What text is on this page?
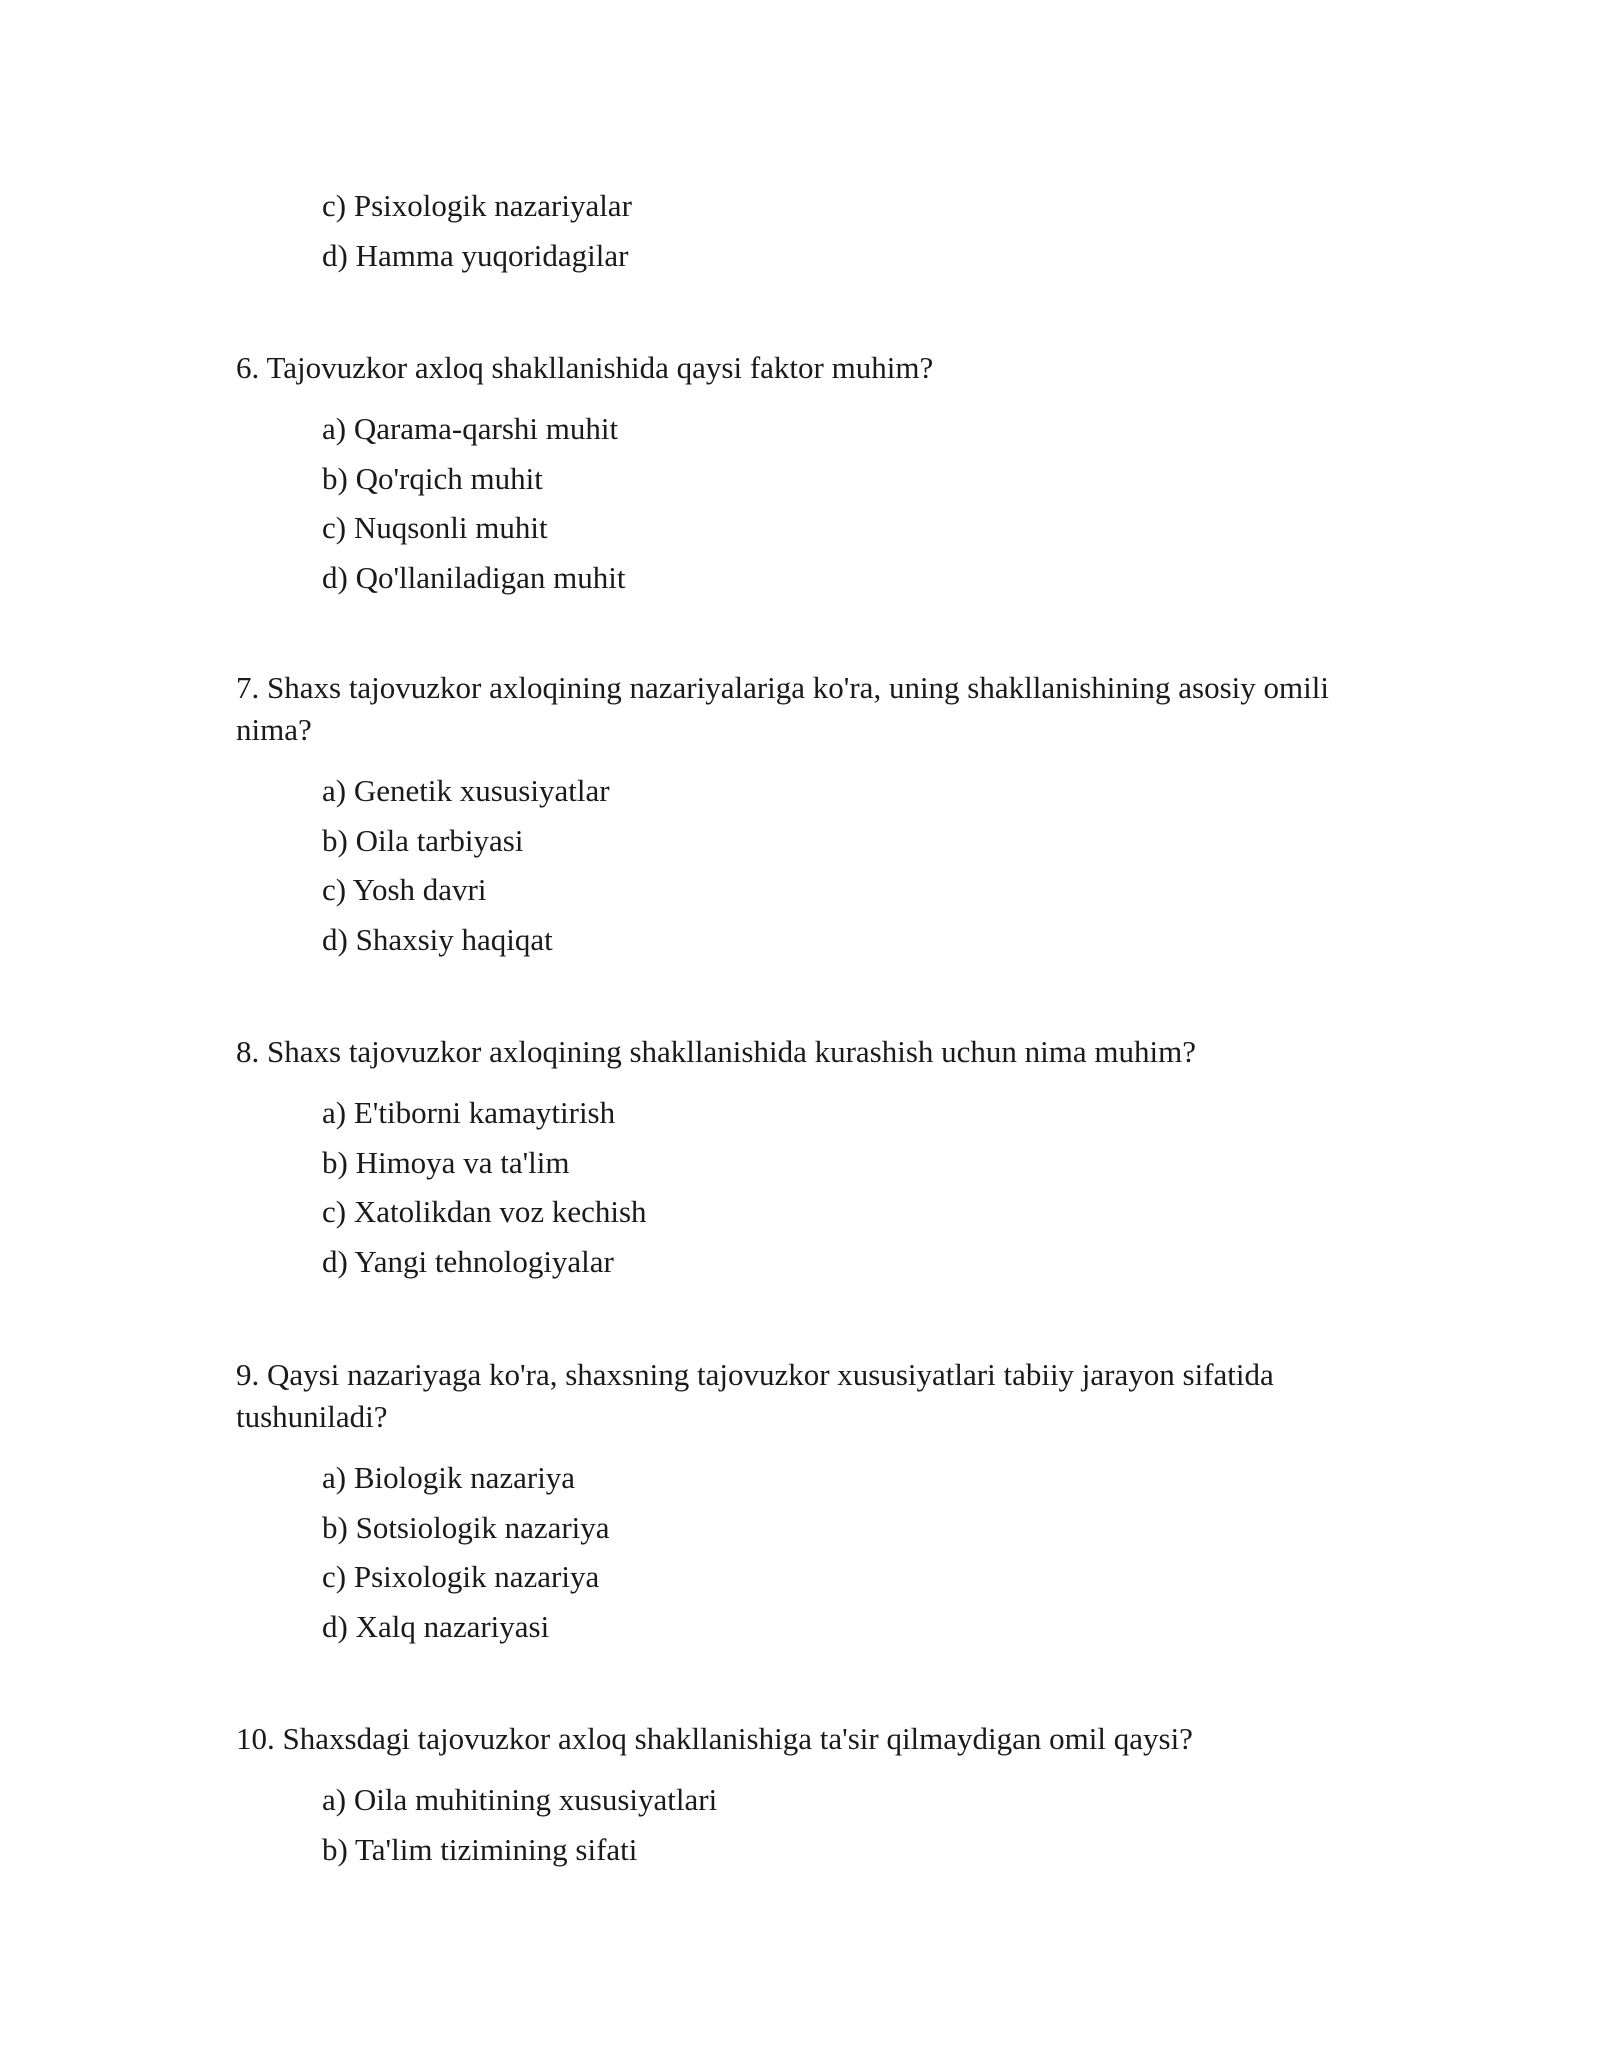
c) Psixologik nazariyalar
d) Hamma yuqoridagilar

6. Tajovuzkor axloq shakllanishida qaysi faktor muhim?

a) Qarama-qarshi muhit
b) Qo'rqich muhit
c) Nuqsonli muhit
d) Qo'llaniladigan muhit

7. Shaxs tajovuzkor axloqining nazariyalariga ko'ra, uning shakllanishining asosiy omili nima?

a) Genetik xususiyatlar
b) Oila tarbiyasi
c) Yosh davri
d) Shaxsiy haqiqat

8. Shaxs tajovuzkor axloqining shakllanishida kurashish uchun nima muhim?

a) E'tiborni kamaytirish
b) Himoya va ta'lim
c) Xatolikdan voz kechish
d) Yangi tehnologiyalar

9. Qaysi nazariyaga ko'ra, shaxsning tajovuzkor xususiyatlari tabiiy jarayon sifatida tushuniladi?

a) Biologik nazariya
b) Sotsiologik nazariya
c) Psixologik nazariya
d) Xalq nazariyasi

10. Shaxsdagi tajovuzkor axloq shakllanishiga ta'sir qilmaydigan omil qaysi?

a) Oila muhitining xususiyatlari
b) Ta'lim tizimining sifati
